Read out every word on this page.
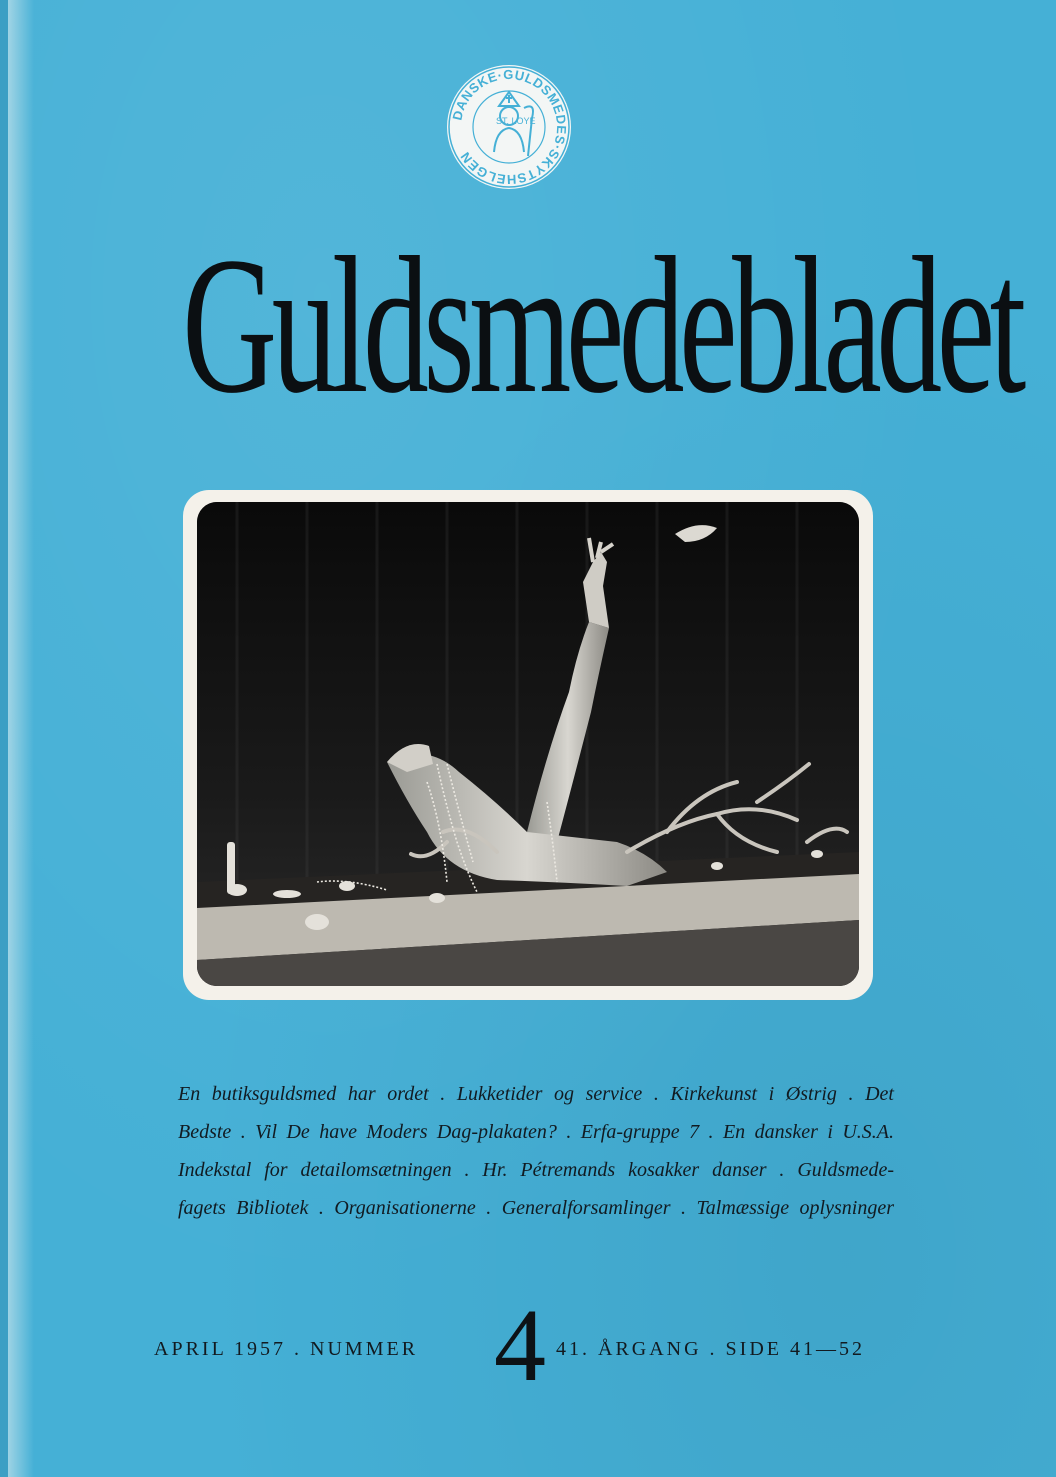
DANSKE·GULDSMEDES·SKYTSHELGEN
ST. LOYE
Guldsmedebladet
En butiksguldsmed har ordet . Lukketider og service . Kirkekunst i Østrig . Det
Bedste . Vil De have Moders Dag-plakaten? . Erfa-gruppe 7 . En dansker i U.S.A.
Indekstal for detailomsætningen . Hr. Pétremands kosakker danser . Guldsmede-
fagets Bibliotek . Organisationerne . Generalforsamlinger . Talmæssige oplysninger
APRIL 1957 . NUMMER 4 41. ÅRGANG . SIDE 41—52
